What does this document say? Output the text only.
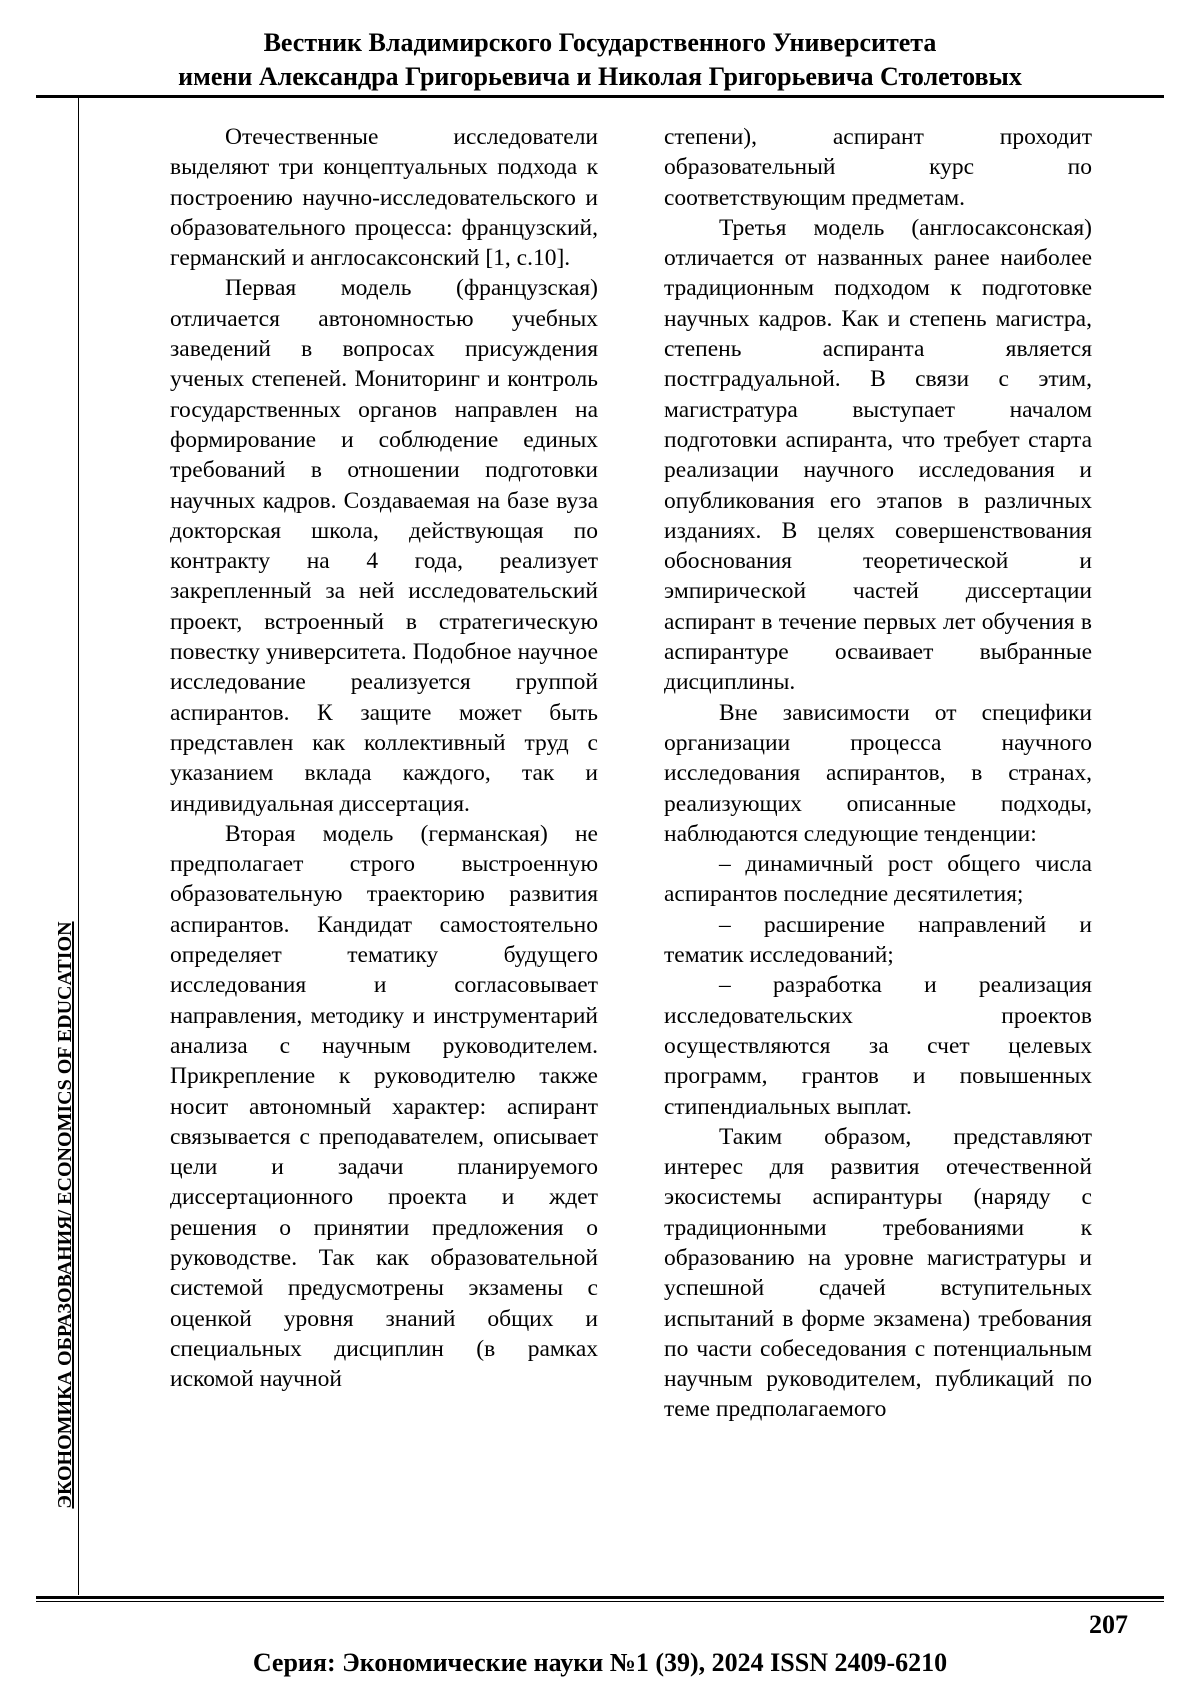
Вестник Владимирского Государственного Университета
имени Александра Григорьевича и Николая Григорьевича Столетовых
ЭКОНОМИКА ОБРАЗОВАНИЯ/ ECONOMICS OF EDUCATION

Отечественные исследователи выделяют три концептуальных подхода к построению научно-исследовательского и образовательного процесса: французский, германский и англосаксонский [1, с.10].

Первая модель (французская) отличается автономностью учебных заведений в вопросах присуждения ученых степеней. Мониторинг и контроль государственных органов направлен на формирование и соблюдение единых требований в отношении подготовки научных кадров. Создаваемая на базе вуза докторская школа, действующая по контракту на 4 года, реализует закрепленный за ней исследовательский проект, встроенный в стратегическую повестку университета. Подобное научное исследование реализуется группой аспирантов. К защите может быть представлен как коллективный труд с указанием вклада каждого, так и индивидуальная диссертация.

Вторая модель (германская) не предполагает строго выстроенную образовательную траекторию развития аспирантов. Кандидат самостоятельно определяет тематику будущего исследования и согласовывает направления, методику и инструментарий анализа с научным руководителем. Прикрепление к руководителю также носит автономный характер: аспирант связывается с преподавателем, описывает цели и задачи планируемого диссертационного проекта и ждет решения о принятии предложения о руководстве. Так как образовательной системой предусмотрены экзамены с оценкой уровня знаний общих и специальных дисциплин (в рамках искомой научной

степени), аспирант проходит образовательный курс по соответствующим предметам.

Третья модель (англосаксонская) отличается от названных ранее наиболее традиционным подходом к подготовке научных кадров. Как и степень магистра, степень аспиранта является постградуальной. В связи с этим, магистратура выступает началом подготовки аспиранта, что требует старта реализации научного исследования и опубликования его этапов в различных изданиях. В целях совершенствования обоснования теоретической и эмпирической частей диссертации аспирант в течение первых лет обучения в аспирантуре осваивает выбранные дисциплины.

Вне зависимости от специфики организации процесса научного исследования аспирантов, в странах, реализующих описанные подходы, наблюдаются следующие тенденции:

– динамичный рост общего числа аспирантов последние десятилетия;

– расширение направлений и тематик исследований;

– разработка и реализация исследовательских проектов осуществляются за счет целевых программ, грантов и повышенных стипендиальных выплат.

Таким образом, представляют интерес для развития отечественной экосистемы аспирантуры (наряду с традиционными требованиями к образованию на уровне магистратуры и успешной сдачей вступительных испытаний в форме экзамена) требования по части собеседования с потенциальным научным руководителем, публикаций по теме предполагаемого

207
Серия: Экономические науки №1 (39), 2024 ISSN 2409-6210
